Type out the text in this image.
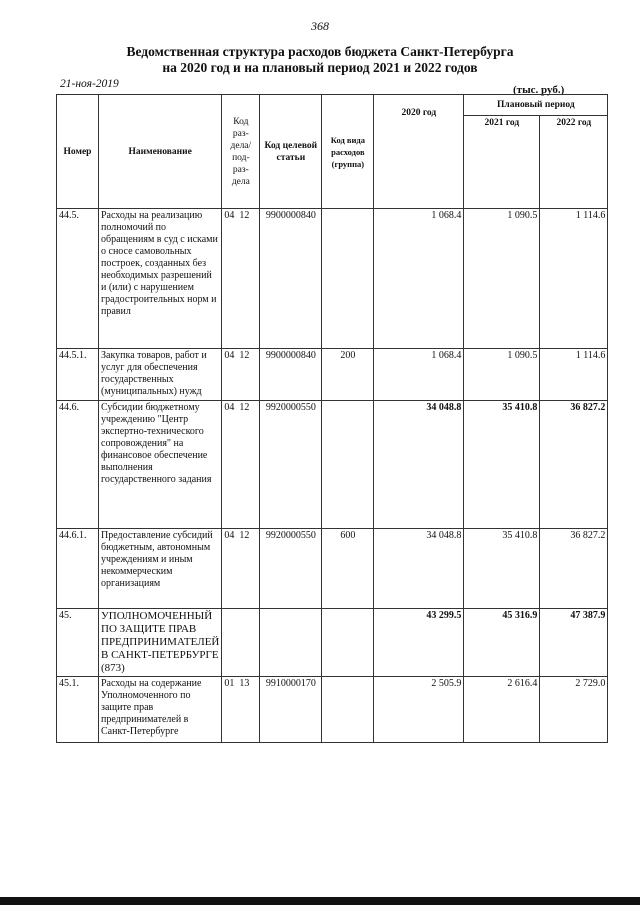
368
Ведомственная структура расходов бюджета Санкт-Петербурга
на 2020 год и на плановый период 2021 и 2022 годов
21-ноя-2019	(тыс. руб.)
Номер	Наименование	Код раз- дела/ под- раз- дела	Код целевой статьи	Код вида расходов (группа)	2020 год	Плановый период	
						2021 год	2022 год
44.5.	Расходы на реализацию полномочий по обращениям в суд с исками о сносе самовольных построек, созданных без необходимых разрешений и (или) с нарушением градостроительных норм и правил	04 12	9900000840		1 068.4	1 090.5	1 114.6
44.5.1.	Закупка товаров, работ и услуг для обеспечения государственных (муниципальных) нужд	04 12	9900000840	200	1 068.4	1 090.5	1 114.6
44.6.	Субсидии бюджетному учреждению "Центр экспертно-технического сопровождения" на финансовое обеспечение выполнения государственного задания	04 12	9920000550		34 048.8	35 410.8	36 827.2
44.6.1.	Предоставление субсидий бюджетным, автономным учреждениям и иным некоммерческим организациям	04 12	9920000550	600	34 048.8	35 410.8	36 827.2
45.	УПОЛНОМОЧЕННЫЙ ПО ЗАЩИТЕ ПРАВ ПРЕДПРИНИМАТЕЛЕЙ В САНКТ-ПЕТЕРБУРГЕ (873)				43 299.5	45 316.9	47 387.9
45.1.	Расходы на содержание Уполномоченного по защите прав предпринимателей в Санкт-Петербурге	01 13	9910000170		2 505.9	2 616.4	2 729.0
